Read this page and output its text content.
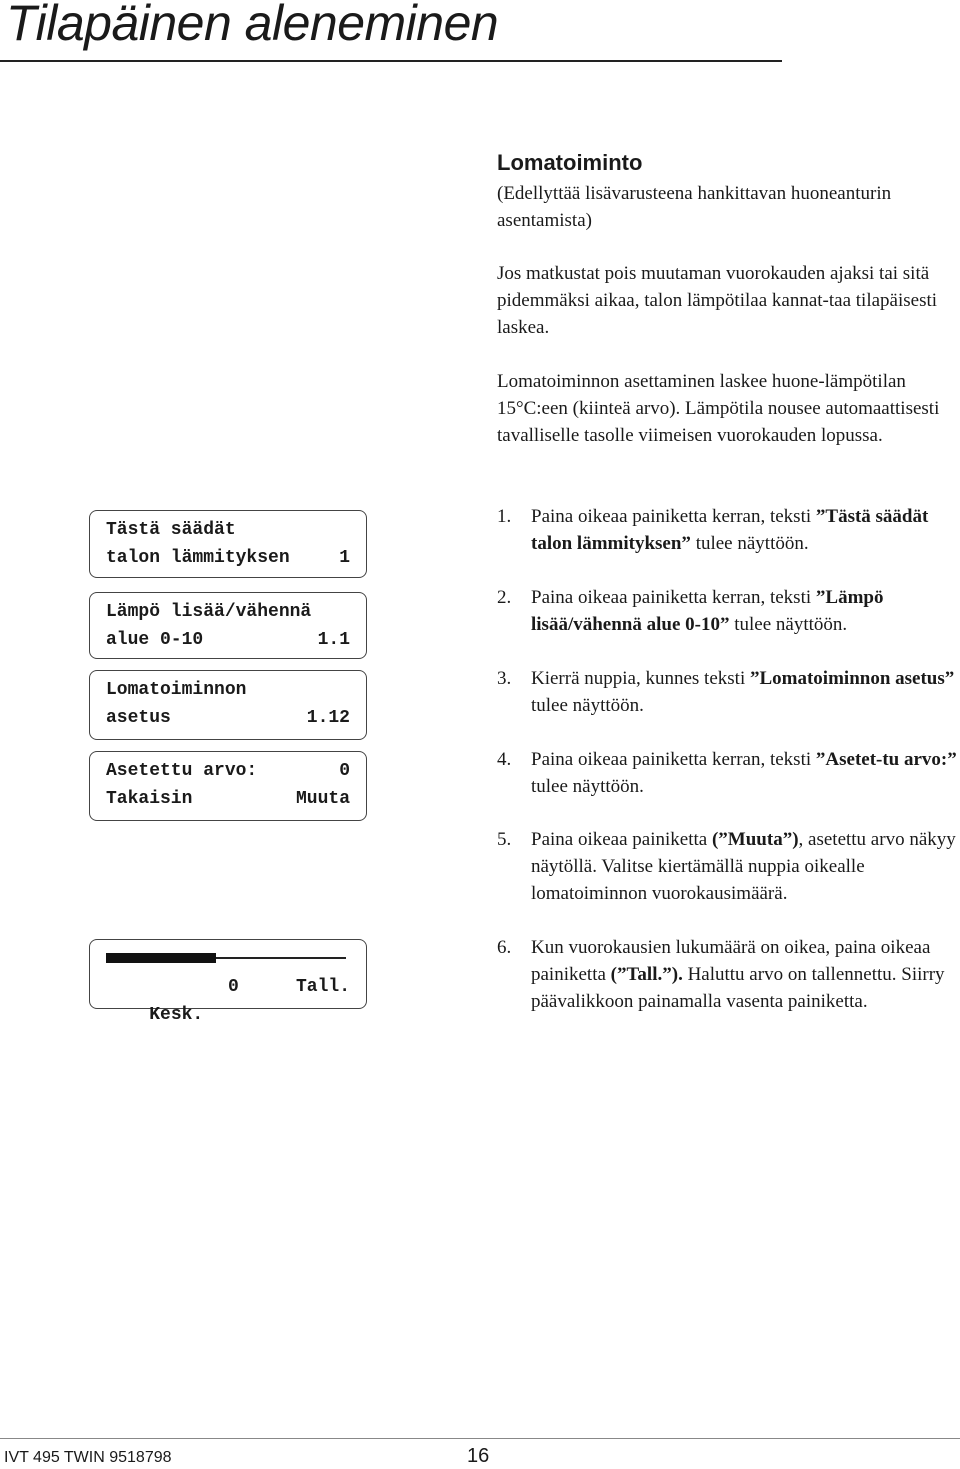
Tilapäinen aleneminen
Lomatoiminto

(Edellyttää lisävarusteena hankittavan huoneanturin asentamista)

Jos matkustat pois muutaman vuorokauden ajaksi tai sitä pidemmäksi aikaa, talon lämpötilaa kannat-taa tilapäisesti laskea.

Lomatoiminnon asettaminen laskee huone-lämpötilan 15°C:een (kiinteä arvo). Lämpötila nousee automaattisesti tavalliselle tasolle viimeisen vuorokauden lopussa.

1. Paina oikeaa painiketta kerran, teksti ”Tästä säädät talon lämmityksen” tulee näyttöön.
2. Paina oikeaa painiketta kerran, teksti ”Lämpö lisää/vähennä alue 0-10” tulee näyttöön.
3. Kierrä nuppia, kunnes teksti ”Lomatoiminnon asetus” tulee näyttöön.
4. Paina oikeaa painiketta kerran, teksti ”Asetet-tu arvo:” tulee näyttöön.
5. Paina oikeaa painiketta (”Muuta”), asetettu arvo näkyy näytöllä. Valitse kiertämällä nuppia oikealle lomatoiminnon vuorokausimäärä.
6. Kun vuorokausien lukumäärä on oikea, paina oikeaa painiketta (”Tall.”). Haluttu arvo on tallennettu. Siirry päävalikkoon painamalla vasenta painiketta.
Tästä säädät
talon lämmityksen	1
Lämpö lisää/vähennä
alue 0-10	1.1
Lomatoiminnon
asetus	1.12
Asetettu arvo:	0
Takaisin	Muuta

Kesk.
0	Tall.

IVT 495 TWIN 9518798	16
